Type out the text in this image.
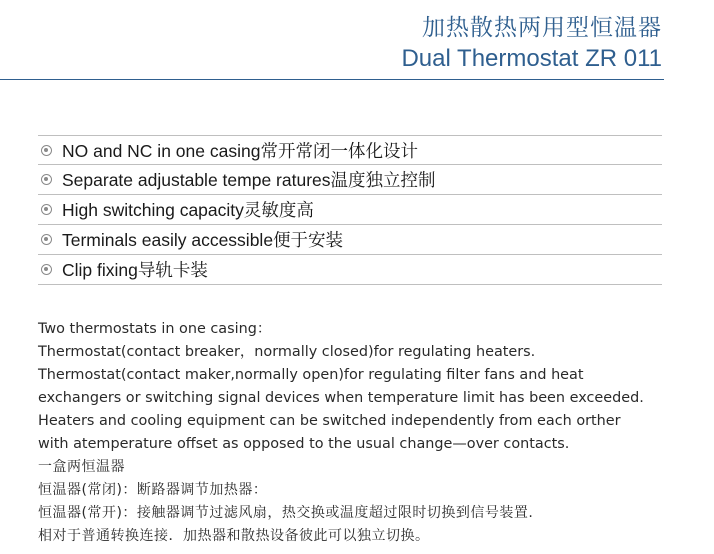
加热散热两用型恒温器
Dual Thermostat ZR 011
NO and NC in one casing常开常闭一体化设计
Separate adjustable tempe ratures温度独立控制
High switching capacity灵敏度高
Terminals easily accessible便于安装
Clip fixing导轨卡装
Two thermostats in one casing：
Thermostat(contact breaker，normally closed)for regulating heaters.
Thermostat(contact maker,normally open)for regulating filter fans and heat
exchangers or switching signal devices when temperature limit has been exceeded.
Heaters and cooling equipment can be switched independently from each orther
with atemperature offset as opposed to the usual change—over contacts.
一盒两恒温器
恒温器(常闭)：断路器调节加热器：
恒温器(常开)：接触器调节过滤风扇，热交换或温度超过限时切换到信号装置.
相对于普通转换连接．加热器和散热设备彼此可以独立切换。
